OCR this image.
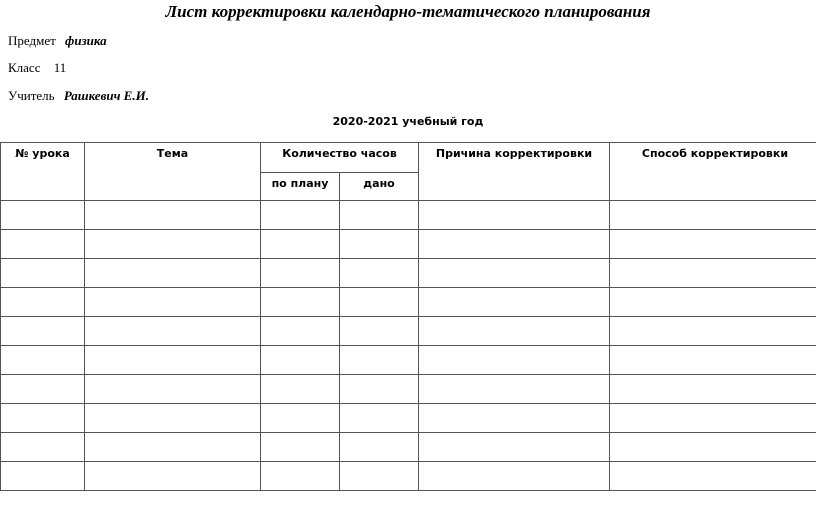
Лист корректировки календарно-тематического планирования
Предмет физика
Класс 11
Учитель Рашкевич Е.И.
2020-2021 учебный год
№ урока	Тема	Количество часов		Причина корректировки	Способ корректировки
		по плану	дано		
